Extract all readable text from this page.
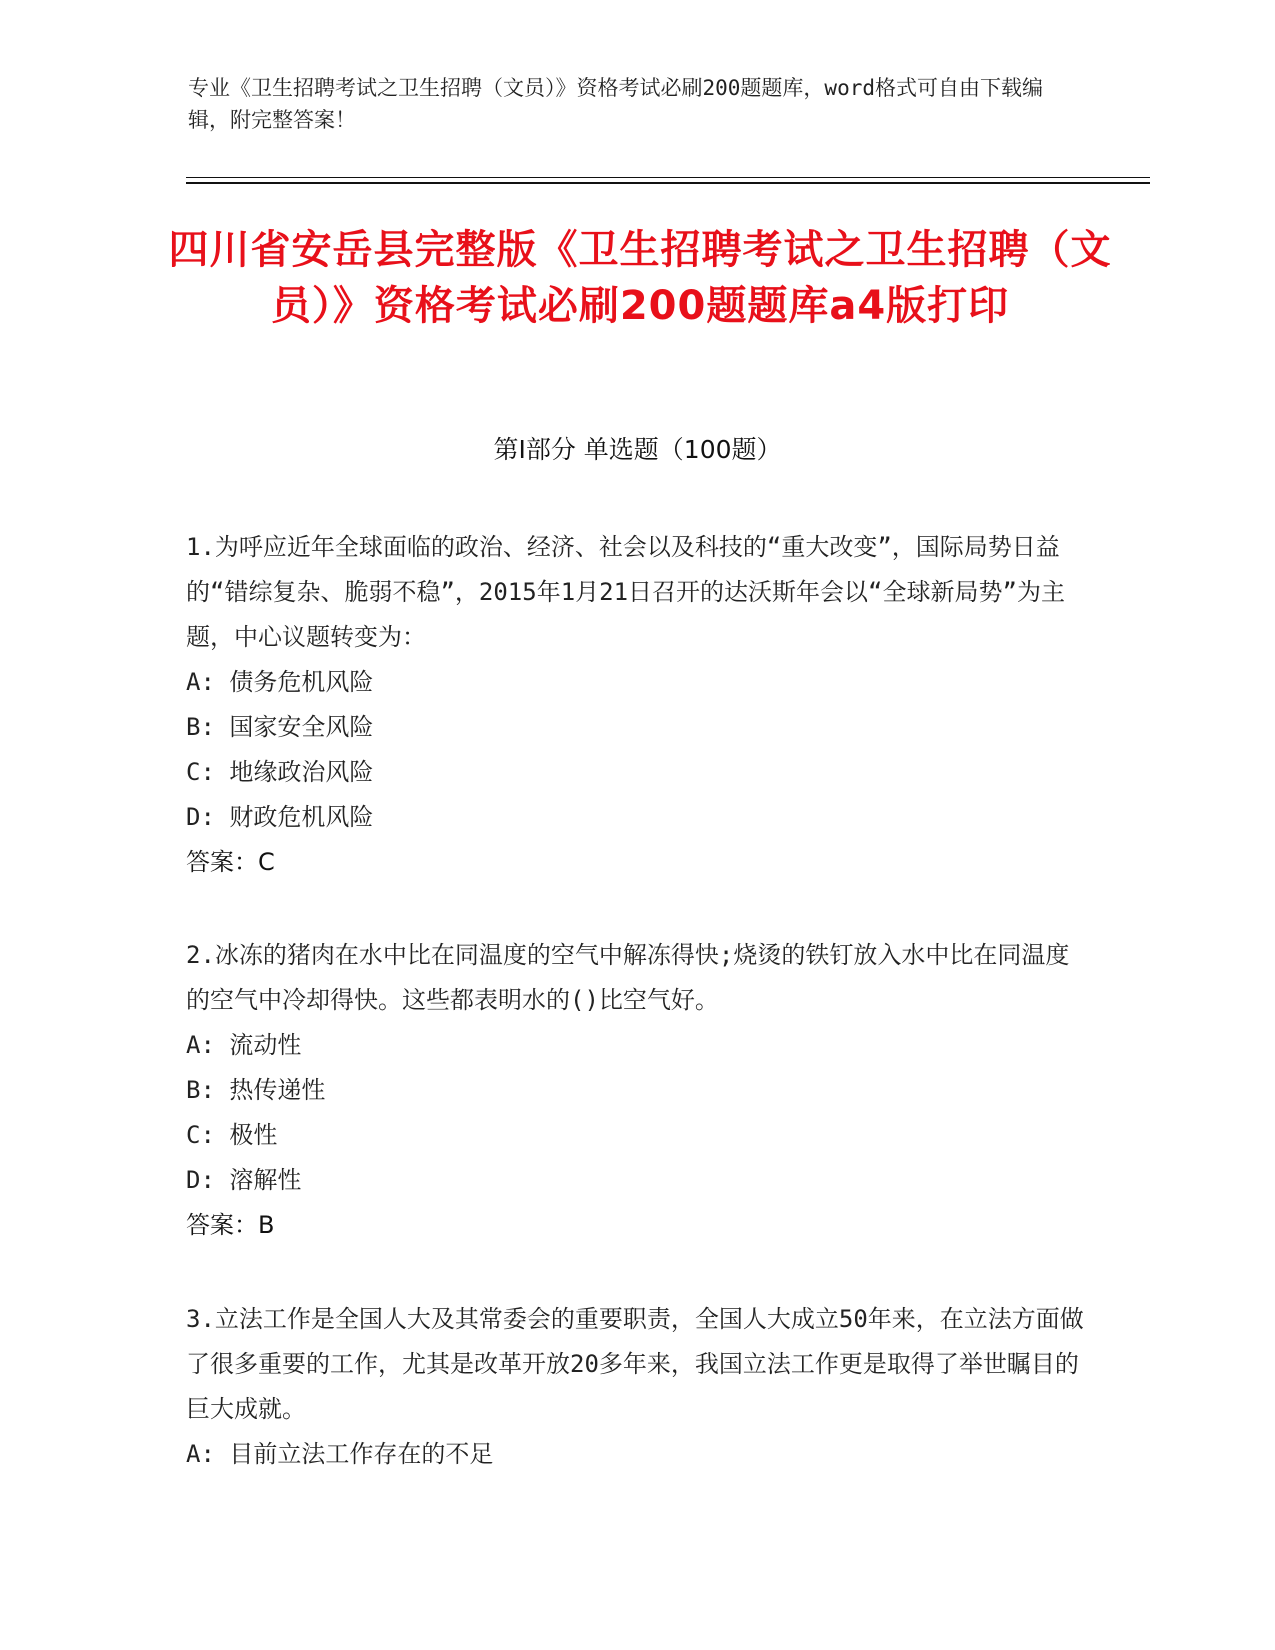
专业《卫生招聘考试之卫生招聘（文员）》资格考试必刷200题题库，word格式可自由下载编辑，附完整答案！
四川省安岳县完整版《卫生招聘考试之卫生招聘（文员）》资格考试必刷200题题库a4版打印
第Ⅰ部分 单选题（100题）

1.为呼应近年全球面临的政治、经济、社会以及科技的“重大改变”，国际局势日益的“错综复杂、脆弱不稳”，2015年1月21日召开的达沃斯年会以“全球新局势”为主题，中心议题转变为：

A: 债务危机风险

B: 国家安全风险

C: 地缘政治风险

D: 财政危机风险

答案：C

2.冰冻的猪肉在水中比在同温度的空气中解冻得快;烧烫的铁钉放入水中比在同温度的空气中冷却得快。这些都表明水的()比空气好。

A: 流动性

B: 热传递性

C: 极性

D: 溶解性

答案：B

3.立法工作是全国人大及其常委会的重要职责，全国人大成立50年来，在立法方面做了很多重要的工作，尤其是改革开放20多年来，我国立法工作更是取得了举世瞩目的巨大成就。

A: 目前立法工作存在的不足
